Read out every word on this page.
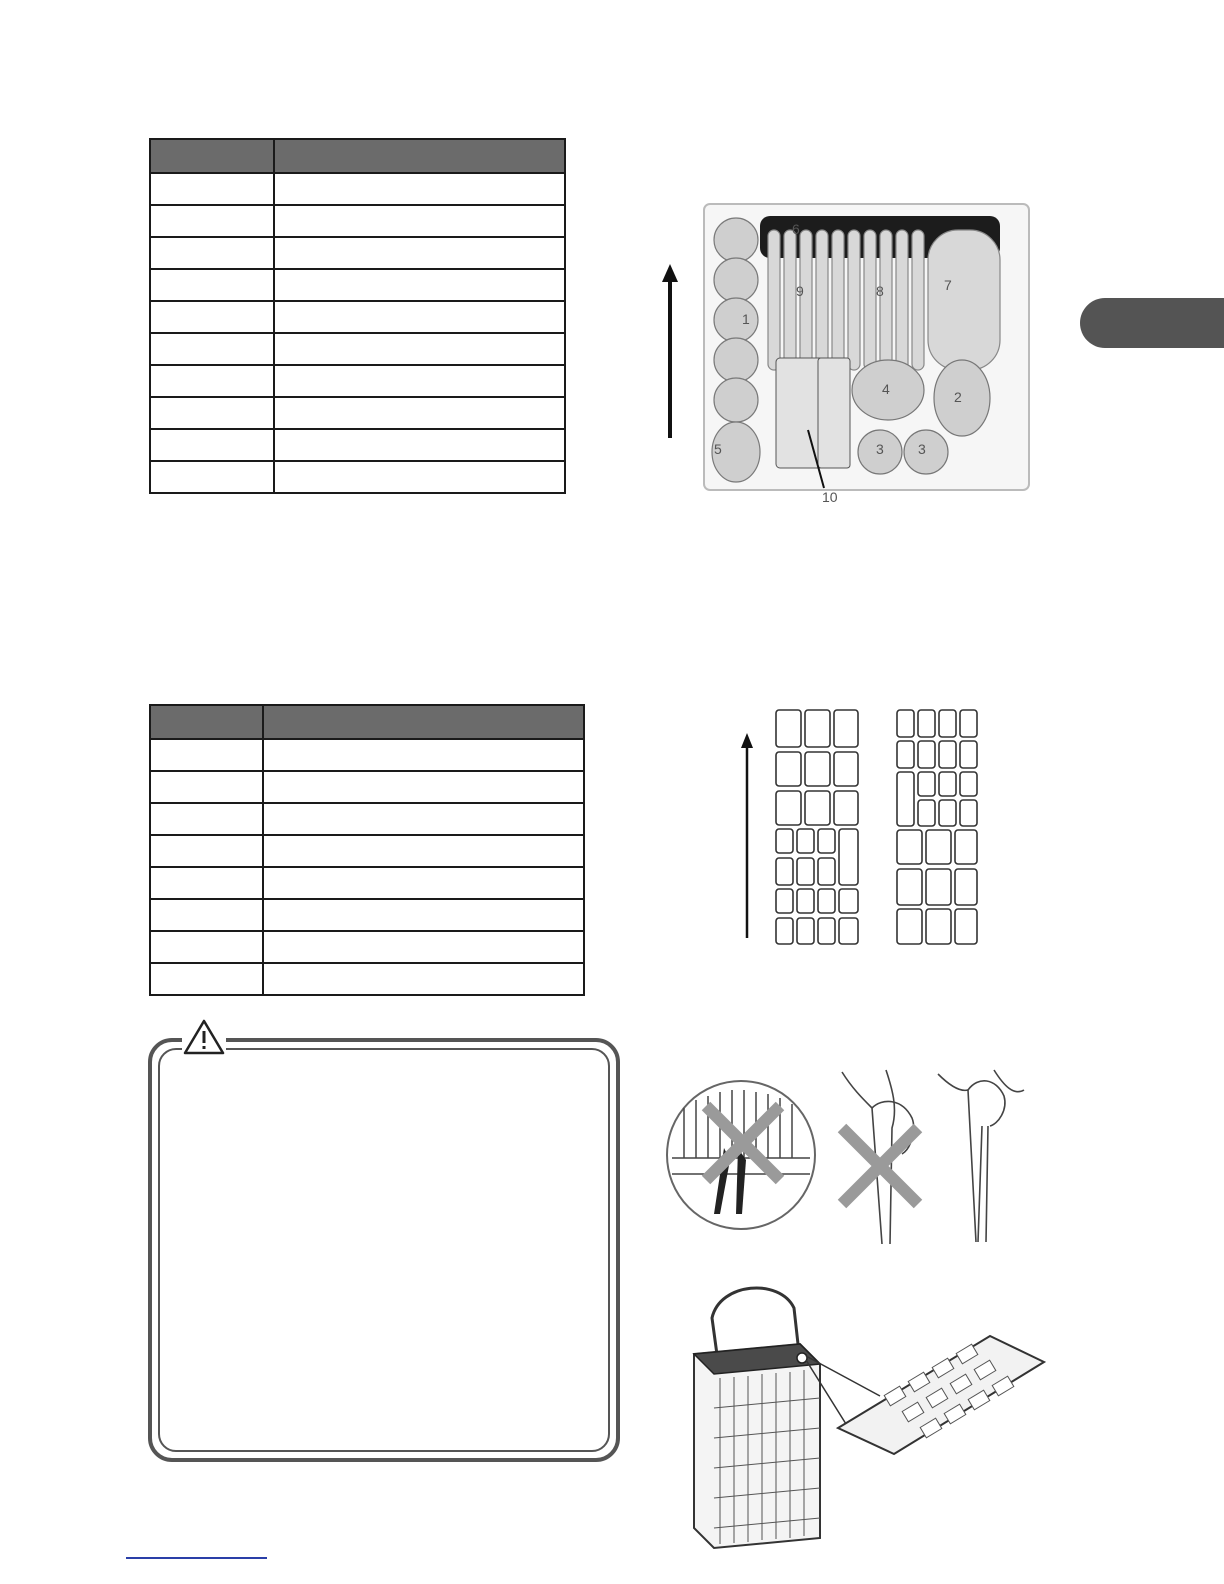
1
2
3 3
4
5
6
7
8
9
10
